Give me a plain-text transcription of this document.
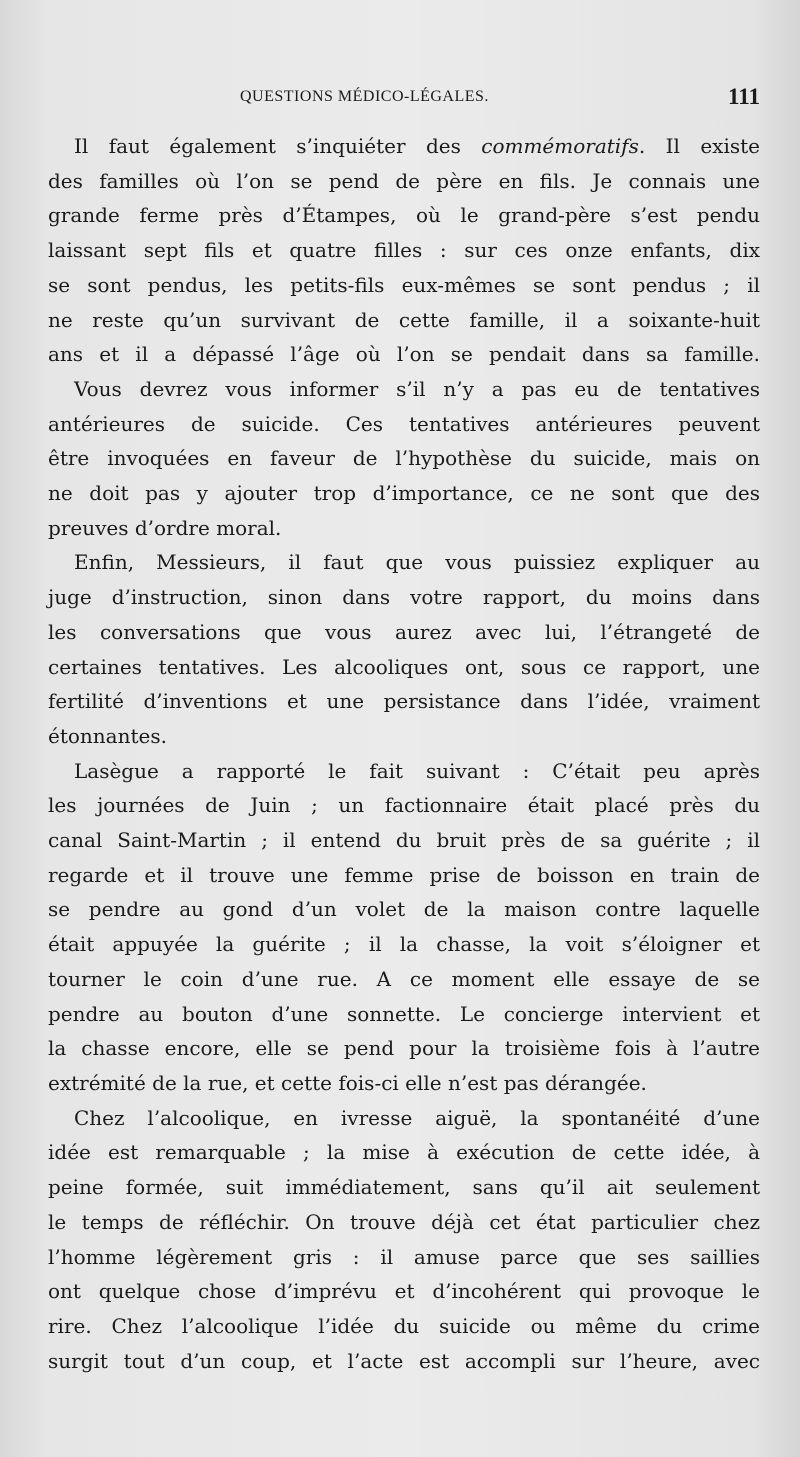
QUESTIONS MÉDICO-LÉGALES.	111
Il faut également s’inquiéter des commémoratifs. Il existe
des familles où l’on se pend de père en fils. Je connais une
grande ferme près d’Étampes, où le grand-père s’est pendu
laissant sept fils et quatre filles : sur ces onze enfants, dix
se sont pendus, les petits-fils eux-mêmes se sont pendus ; il
ne reste qu’un survivant de cette famille, il a soixante-huit
ans et il a dépassé l’âge où l’on se pendait dans sa famille.
Vous devrez vous informer s’il n’y a pas eu de tentatives
antérieures de suicide. Ces tentatives antérieures peuvent
être invoquées en faveur de l’hypothèse du suicide, mais on
ne doit pas y ajouter trop d’importance, ce ne sont que des
preuves d’ordre moral.
Enfin, Messieurs, il faut que vous puissiez expliquer au
juge d’instruction, sinon dans votre rapport, du moins dans
les conversations que vous aurez avec lui, l’étrangeté de
certaines tentatives. Les alcooliques ont, sous ce rapport, une
fertilité d’inventions et une persistance dans l’idée, vraiment
étonnantes.
Lasègue a rapporté le fait suivant : C’était peu après
les journées de Juin ; un factionnaire était placé près du
canal Saint-Martin ; il entend du bruit près de sa guérite ; il
regarde et il trouve une femme prise de boisson en train de
se pendre au gond d’un volet de la maison contre laquelle
était appuyée la guérite ; il la chasse, la voit s’éloigner et
tourner le coin d’une rue. A ce moment elle essaye de se
pendre au bouton d’une sonnette. Le concierge intervient et
la chasse encore, elle se pend pour la troisième fois à l’autre
extrémité de la rue, et cette fois-ci elle n’est pas dérangée.
Chez l’alcoolique, en ivresse aiguë, la spontanéité d’une
idée est remarquable ; la mise à exécution de cette idée, à
peine formée, suit immédiatement, sans qu’il ait seulement
le temps de réfléchir. On trouve déjà cet état particulier chez
l’homme légèrement gris : il amuse parce que ses saillies
ont quelque chose d’imprévu et d’incohérent qui provoque le
rire. Chez l’alcoolique l’idée du suicide ou même du crime
surgit tout d’un coup, et l’acte est accompli sur l’heure, avec
